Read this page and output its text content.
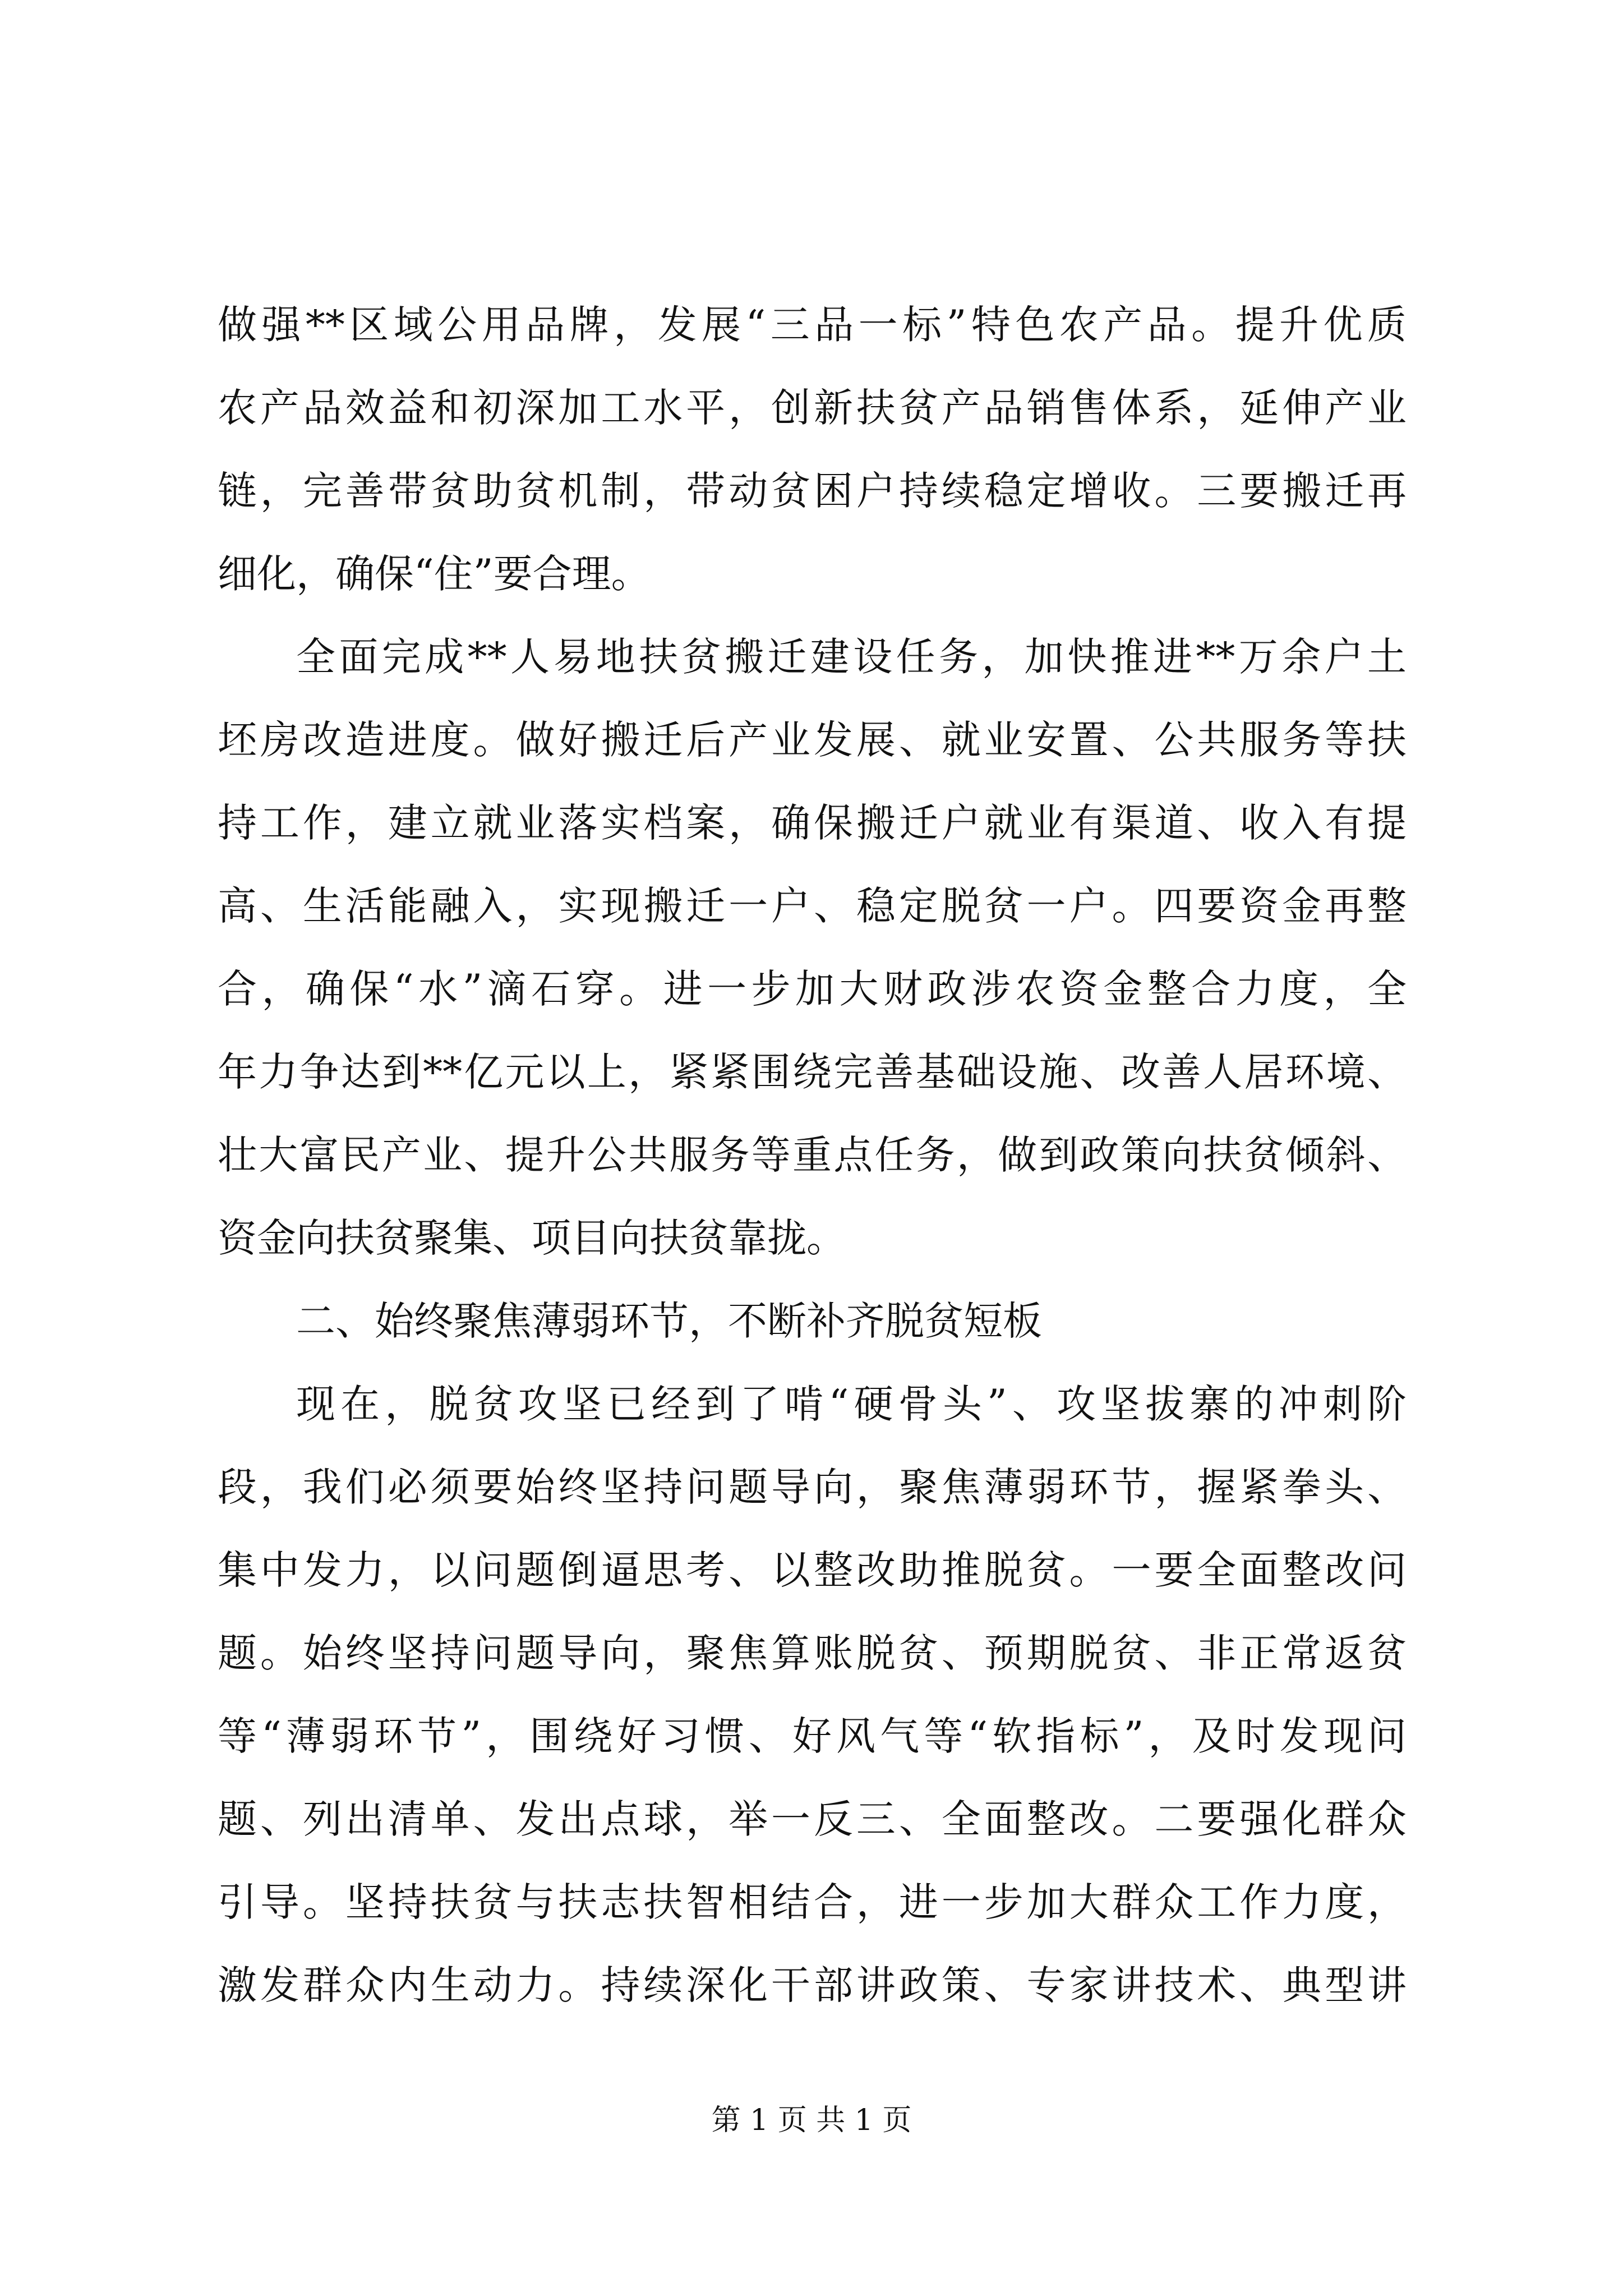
做强**区域公用品牌，发展“三品一标”特色农产品。提升优质
农产品效益和初深加工水平，创新扶贫产品销售体系，延伸产业
链，完善带贫助贫机制，带动贫困户持续稳定增收。三要搬迁再
细化，确保“住”要合理。
全面完成**人易地扶贫搬迁建设任务，加快推进**万余户土
坯房改造进度。做好搬迁后产业发展、就业安置、公共服务等扶
持工作，建立就业落实档案，确保搬迁户就业有渠道、收入有提
高、生活能融入，实现搬迁一户、稳定脱贫一户。四要资金再整
合，确保“水”滴石穿。进一步加大财政涉农资金整合力度，全
年力争达到**亿元以上，紧紧围绕完善基础设施、改善人居环境、
壮大富民产业、提升公共服务等重点任务，做到政策向扶贫倾斜、
资金向扶贫聚集、项目向扶贫靠拢。
二、始终聚焦薄弱环节，不断补齐脱贫短板
现在，脱贫攻坚已经到了啃“硬骨头”、攻坚拔寨的冲刺阶
段，我们必须要始终坚持问题导向，聚焦薄弱环节，握紧拳头、
集中发力，以问题倒逼思考、以整改助推脱贫。一要全面整改问
题。始终坚持问题导向，聚焦算账脱贫、预期脱贫、非正常返贫
等“薄弱环节”，围绕好习惯、好风气等“软指标”，及时发现问
题、列出清单、发出点球，举一反三、全面整改。二要强化群众
引导。坚持扶贫与扶志扶智相结合，进一步加大群众工作力度，
激发群众内生动力。持续深化干部讲政策、专家讲技术、典型讲
第 1 页 共 1 页
